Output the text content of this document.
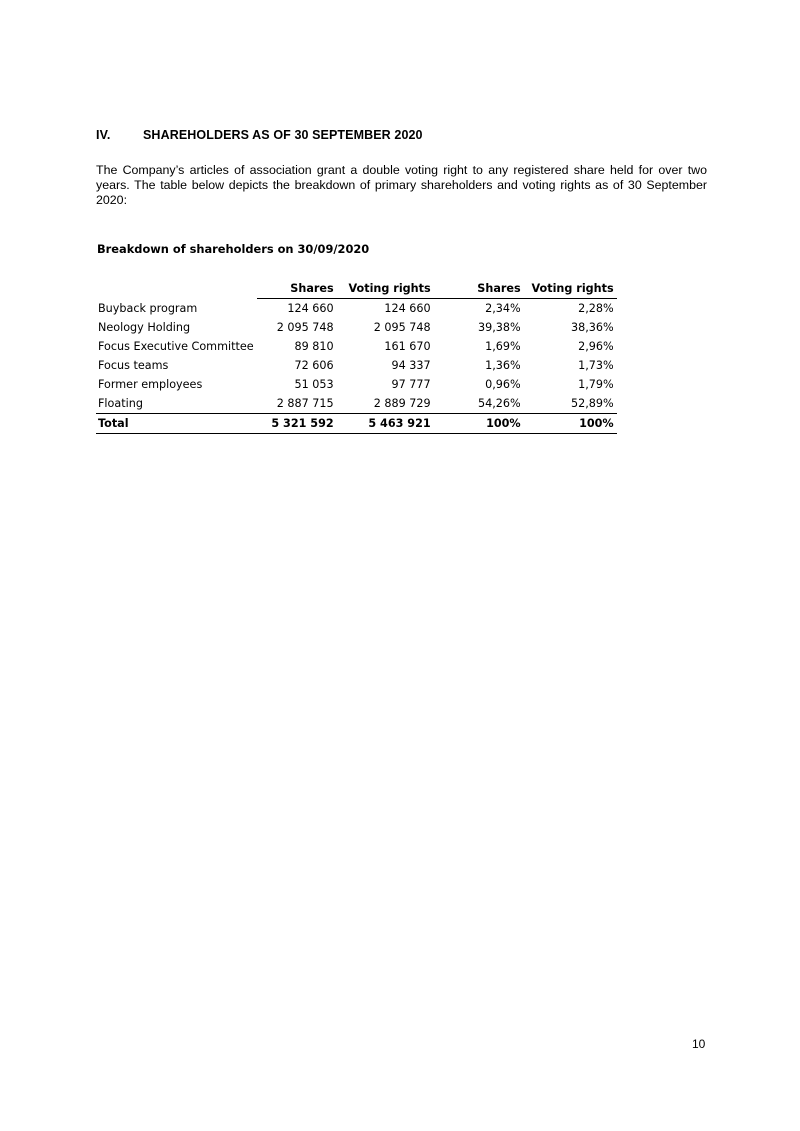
IV.	SHAREHOLDERS AS OF 30 SEPTEMBER 2020

The Company’s articles of association grant a double voting right to any registered share held for over two years. The table below depicts the breakdown of primary shareholders and voting rights as of 30 September 2020:

Breakdown of shareholders on 30/09/2020

	Shares	Voting rights	Shares	Voting rights
Buyback program	124 660	124 660	2,34%	2,28%
Neology Holding	2 095 748	2 095 748	39,38%	38,36%
Focus Executive Committee	89 810	161 670	1,69%	2,96%
Focus teams	72 606	94 337	1,36%	1,73%
Former employees	51 053	97 777	0,96%	1,79%
Floating	2 887 715	2 889 729	54,26%	52,89%
Total	5 321 592	5 463 921	100%	100%
10
